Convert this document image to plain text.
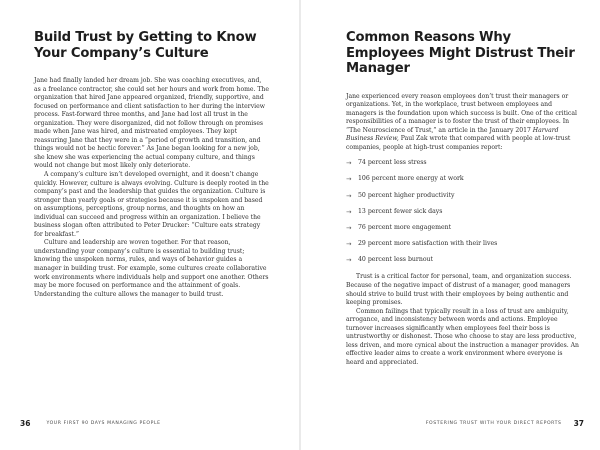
Build Trust by Getting to Know Your Company’s Culture

Jane had finally landed her dream job. She was coaching executives, and, as a freelance contractor, she could set her hours and work from home. The organization that hired Jane appeared organized, friendly, supportive, and focused on performance and client satisfaction to her during the interview process. Fast-forward three months, and Jane had lost all trust in the organization. They were disorganized, did not follow through on promises made when Jane was hired, and mistreated employees. They kept reassuring Jane that they were in a “period of growth and transition, and things would not be hectic forever.” As Jane began looking for a new job, she knew she was experiencing the actual company culture, and things would not change but most likely only deteriorate.

A company’s culture isn’t developed overnight, and it doesn’t change quickly. However, culture is always evolving. Culture is deeply rooted in the company’s past and the leadership that guides the organization. Culture is stronger than yearly goals or strategies because it is unspoken and based on assumptions, perceptions, group norms, and thoughts on how an individual can succeed and progress within an organization. I believe the business slogan often attributed to Peter Drucker: “Culture eats strategy for breakfast.”

Culture and leadership are woven together. For that reason, understanding your company’s culture is essential to building trust; knowing the unspoken norms, rules, and ways of behavior guides a manager in building trust. For example, some cultures create collaborative work environments where individuals help and support one another. Others may be more focused on performance and the attainment of goals. Understanding the culture allows the manager to build trust.

36	YOUR FIRST 90 DAYS MANAGING PEOPLE
Common Reasons Why Employees Might Distrust Their Manager

Jane experienced every reason employees don’t trust their managers or organizations. Yet, in the workplace, trust between employees and managers is the foundation upon which success is built. One of the critical responsibilities of a manager is to foster the trust of their employees. In “The Neuroscience of Trust,” an article in the January 2017 Harvard Business Review, Paul Zak wrote that compared with people at low-trust companies, people at high-trust companies report:

→	74 percent less stress
→	106 percent more energy at work
→	50 percent higher productivity
→	13 percent fewer sick days
→	76 percent more engagement
→	29 percent more satisfaction with their lives
→	40 percent less burnout

Trust is a critical factor for personal, team, and organization success. Because of the negative impact of distrust of a manager, good managers should strive to build trust with their employees by being authentic and keeping promises.

Common failings that typically result in a loss of trust are ambiguity, arrogance, and inconsistency between words and actions. Employee turnover increases significantly when employees feel their boss is untrustworthy or dishonest. Those who choose to stay are less productive, less driven, and more cynical about the instruction a manager provides. An effective leader aims to create a work environment where everyone is heard and appreciated.

FOSTERING TRUST WITH YOUR DIRECT REPORTS 37
